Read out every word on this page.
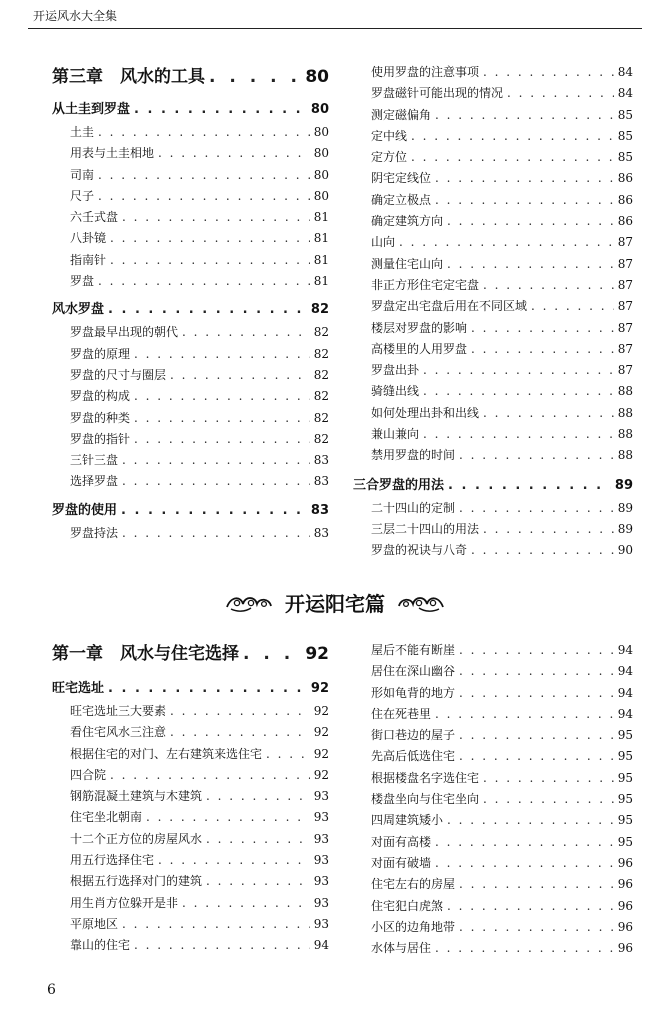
开运风水大全集
第三章　风水的工具 . . .	80
从土圭到罗盘 . . .	80
土圭 . . .	80
用表与土圭相地 . . .	80
司南 . . .	80
尺子 . . .	80
六壬式盘 . . .	81
八卦镜 . . .	81
指南针 . . .	81
罗盘 . . .	81
风水罗盘 . . .	82
罗盘最早出现的朝代 . . .	82
罗盘的原理 . . .	82
罗盘的尺寸与圈层 . . .	82
罗盘的构成 . . .	82
罗盘的种类 . . .	82
罗盘的指针 . . .	82
三针三盘 . . .	83
选择罗盘 . . .	83
罗盘的使用 . . .	83
罗盘持法 . . .	83
使用罗盘的注意事项 . . .	84
罗盘磁针可能出现的情况 . . .	84
测定磁偏角 . . .	85
定中线 . . .	85
定方位 . . .	85
阴宅定线位 . . .	86
确定立极点 . . .	86
确定建筑方向 . . .	86
山向 . . .	87
测量住宅山向 . . .	87
非正方形住宅定宅盘 . . .	87
罗盘定出宅盘后用在不同区域 . . .	87
楼层对罗盘的影响 . . .	87
高楼里的人用罗盘 . . .	87
罗盘出卦 . . .	87
骑缝出线 . . .	88
如何处理出卦和出线 . . .	88
兼山兼向 . . .	88
禁用罗盘的时间 . . .	88
三合罗盘的用法 . . .	89
二十四山的定制 . . .	89
三层二十四山的用法 . . .	89
罗盘的祝诀与八奇 . . .	90
开运阳宅篇
第一章　风水与住宅选择 . . .	92
旺宅选址 . . .	92
旺宅选址三大要素 . . .	92
看住宅风水三注意 . . .	92
根据住宅的对门、左右建筑来选住宅 . . .	92
四合院 . . .	92
钢筋混凝土建筑与木建筑 . . .	93
住宅坐北朝南 . . .	93
十二个正方位的房屋风水 . . .	93
用五行选择住宅 . . .	93
根据五行选择对门的建筑 . . .	93
用生肖方位躲开是非 . . .	93
平原地区 . . .	93
靠山的住宅 . . .	94
屋后不能有断崖 . . .	94
居住在深山幽谷 . . .	94
形如龟背的地方 . . .	94
住在死巷里 . . .	94
街口巷边的屋子 . . .	95
先高后低选住宅 . . .	95
根据楼盘名字选住宅 . . .	95
楼盘坐向与住宅坐向 . . .	95
四周建筑矮小 . . .	95
对面有高楼 . . .	95
对面有破墙 . . .	96
住宅左右的房屋 . . .	96
住宅犯白虎煞 . . .	96
小区的边角地带 . . .	96
水体与居住 . . .	96
6
